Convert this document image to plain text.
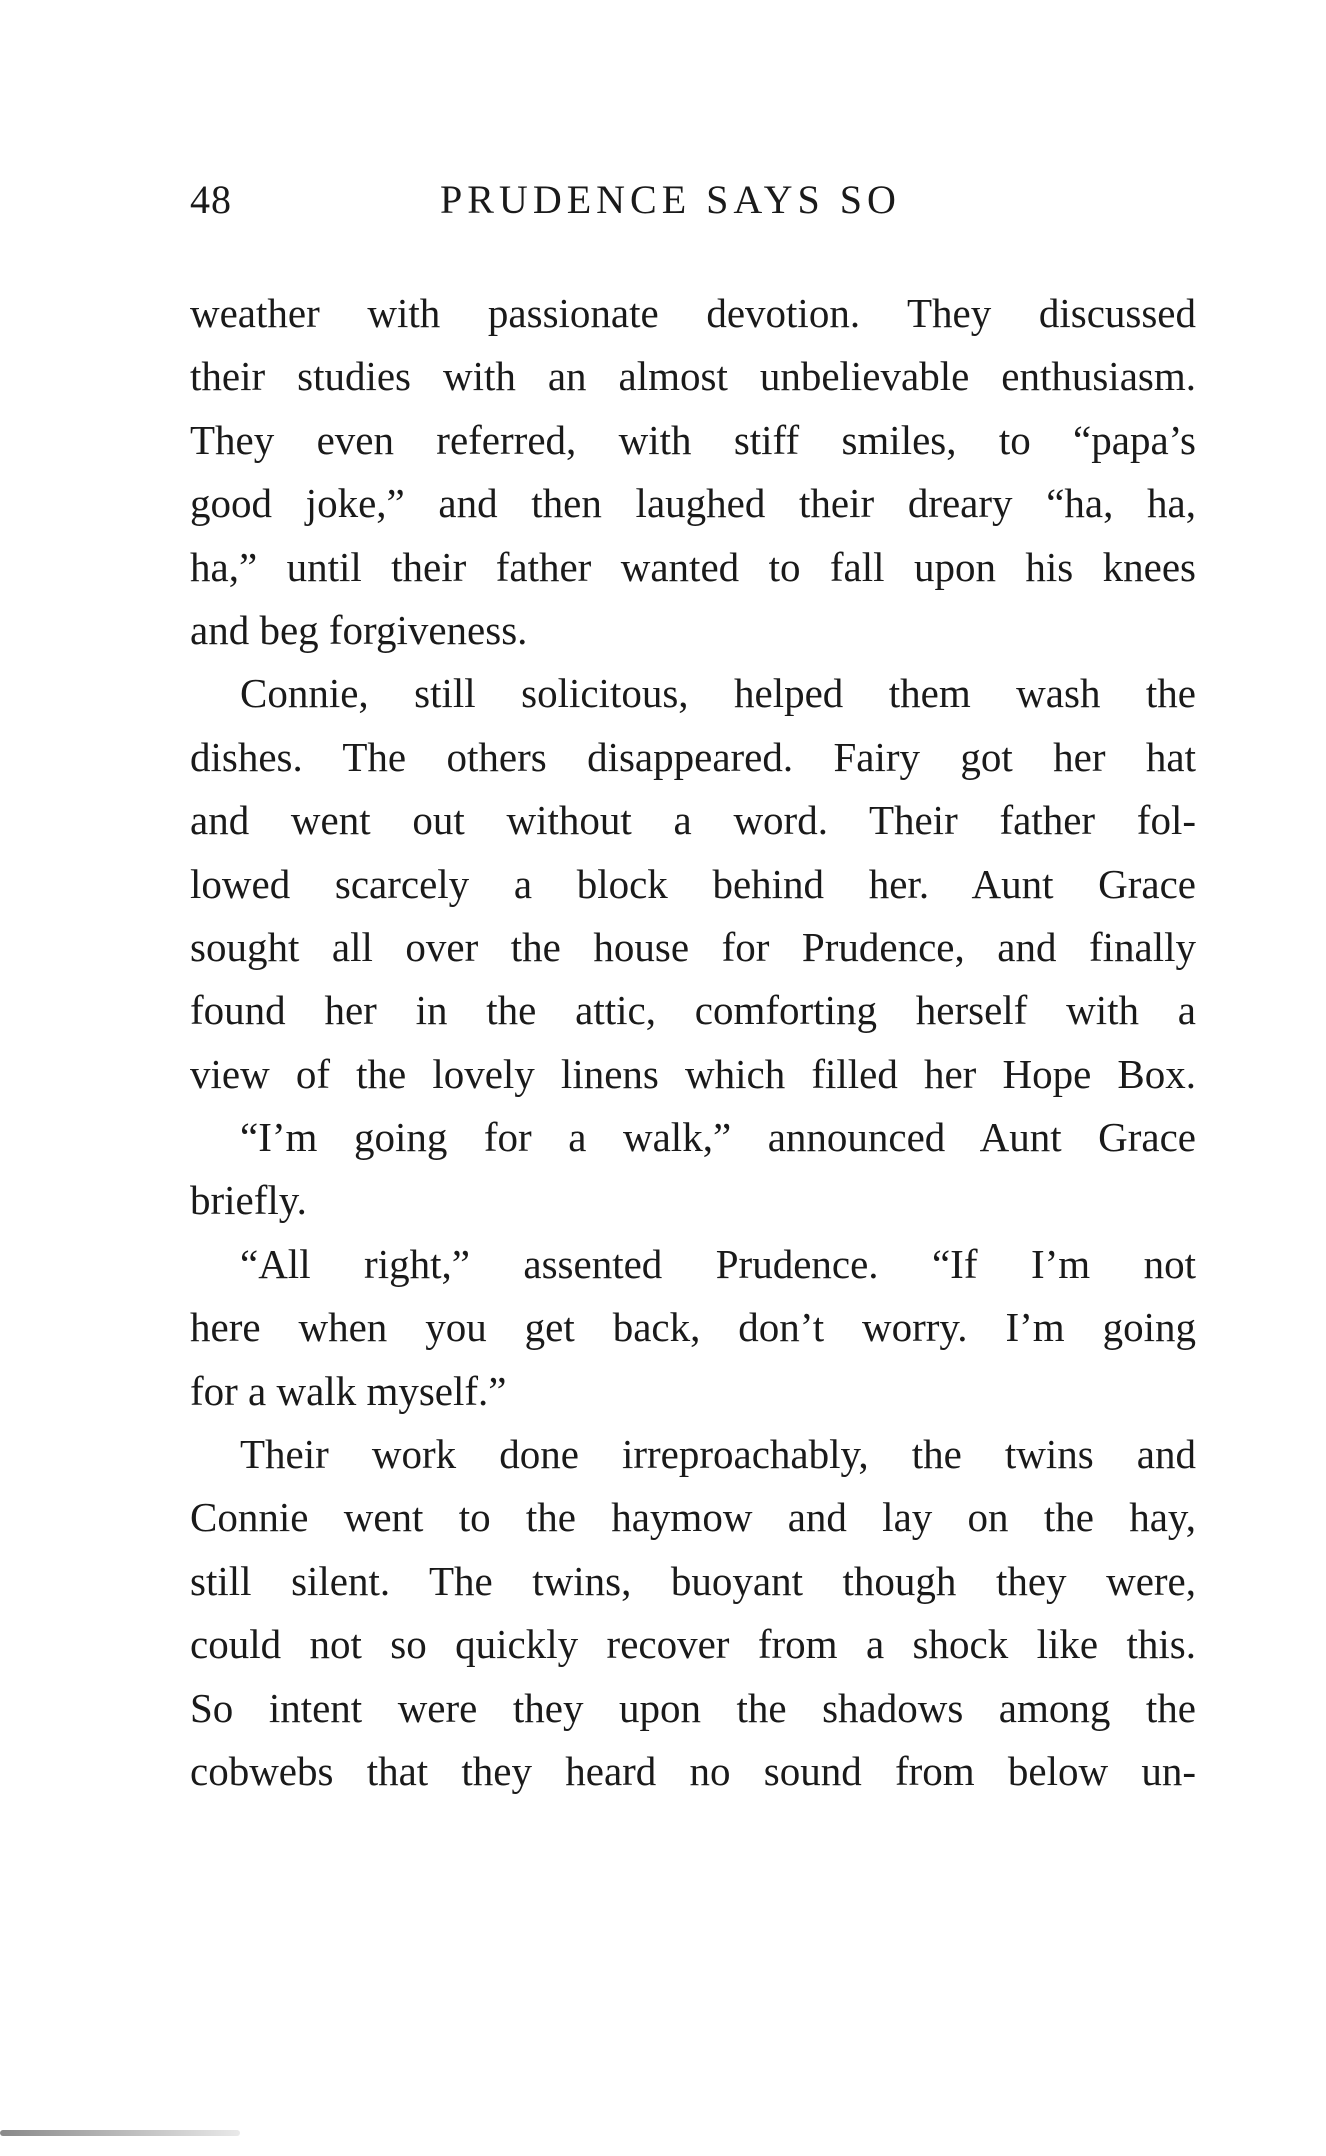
48	PRUDENCE SAYS SO
weather with passionate devotion. They discussed
their studies with an almost unbelievable enthusiasm.
They even referred, with stiff smiles, to “papa’s
good joke,” and then laughed their dreary “ha, ha,
ha,” until their father wanted to fall upon his knees
and beg forgiveness.
Connie, still solicitous, helped them wash the
dishes. The others disappeared. Fairy got her hat
and went out without a word. Their father fol-
lowed scarcely a block behind her. Aunt Grace
sought all over the house for Prudence, and finally
found her in the attic, comforting herself with a
view of the lovely linens which filled her Hope Box.
“I’m going for a walk,” announced Aunt Grace
briefly.
“All right,” assented Prudence. “If I’m not
here when you get back, don’t worry. I’m going
for a walk myself.”
Their work done irreproachably, the twins and
Connie went to the haymow and lay on the hay,
still silent. The twins, buoyant though they were,
could not so quickly recover from a shock like this.
So intent were they upon the shadows among the
cobwebs that they heard no sound from below un-
